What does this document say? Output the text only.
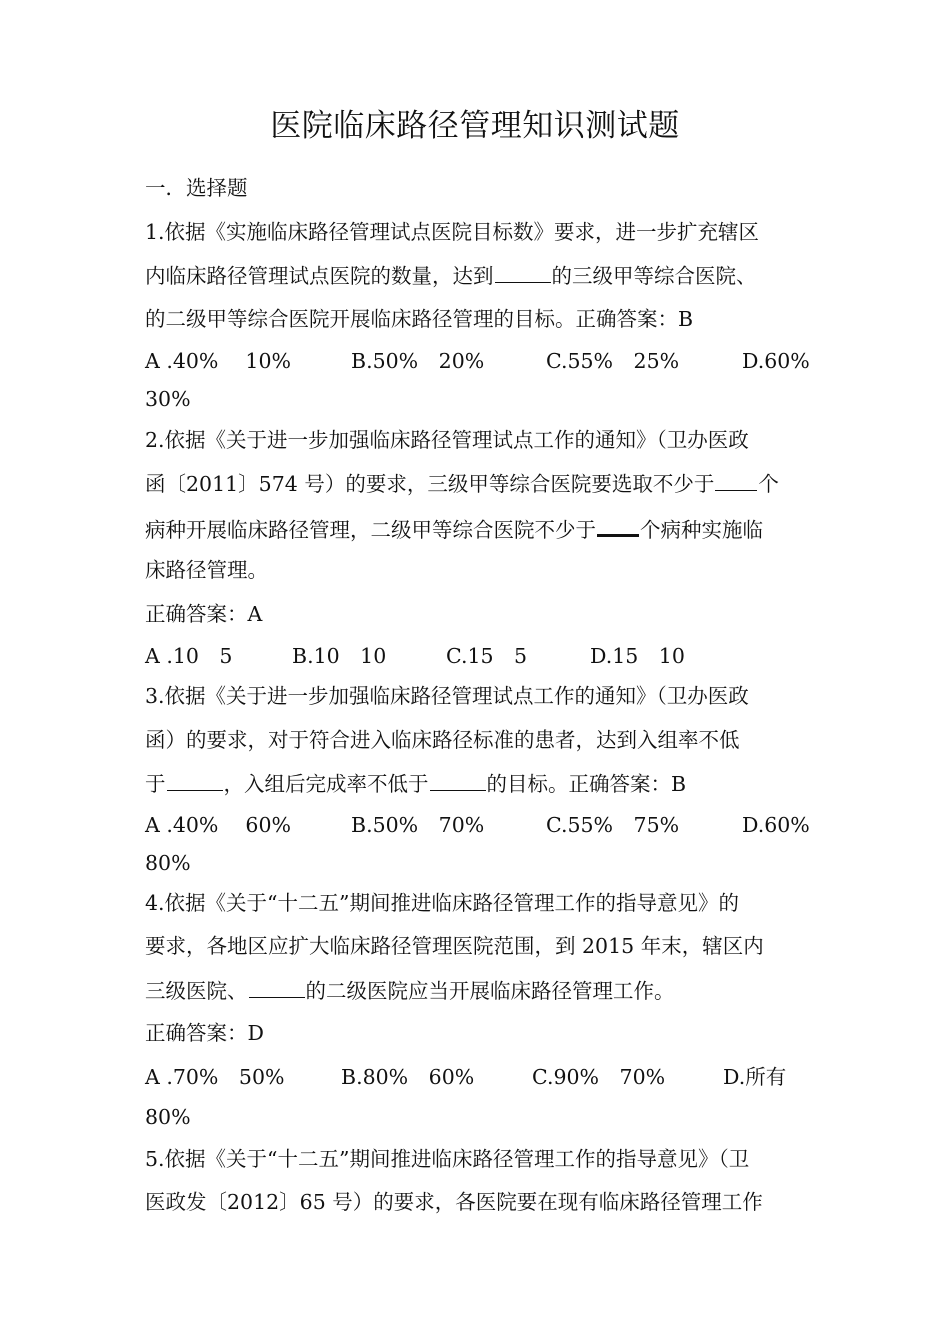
医院临床路径管理知识测试题
一．选择题
1.依据《实施临床路径管理试点医院目标数》要求，进一步扩充辖区
内临床路径管理试点医院的数量，达到	的三级甲等综合医院、
的二级甲等综合医院开展临床路径管理的目标。正确答案：B
A .40%　 10%	B.50%　20%	C.55%　25%	D.60%
30%
2.依据《关于进一步加强临床路径管理试点工作的通知》（卫办医政
函〔2011〕574 号）的要求，三级甲等综合医院要选取不少于 个
病种开展临床路径管理，二级甲等综合医院不少于 个病种实施临
床路径管理。
正确答案：A
A .10　5	B.10　10	C.15　5	D.15　10
3.依据《关于进一步加强临床路径管理试点工作的通知》（卫办医政
函）的要求，对于符合进入临床路径标准的患者，达到入组率不低
于	，入组后完成率不低于	的目标。正确答案：B
A .40%　 60%	B.50%　70%	C.55%　75%	D.60%
80%
4.依据《关于“十二五”期间推进临床路径管理工作的指导意见》的
要求，各地区应扩大临床路径管理医院范围，到 2015 年末，辖区内
三级医院、	的二级医院应当开展临床路径管理工作。
正确答案：D
A .70%　50%	B.80%　60%	C.90%　70%	D.所有
80%
5.依据《关于“十二五”期间推进临床路径管理工作的指导意见》（卫
医政发〔2012〕65 号）的要求，各医院要在现有临床路径管理工作
